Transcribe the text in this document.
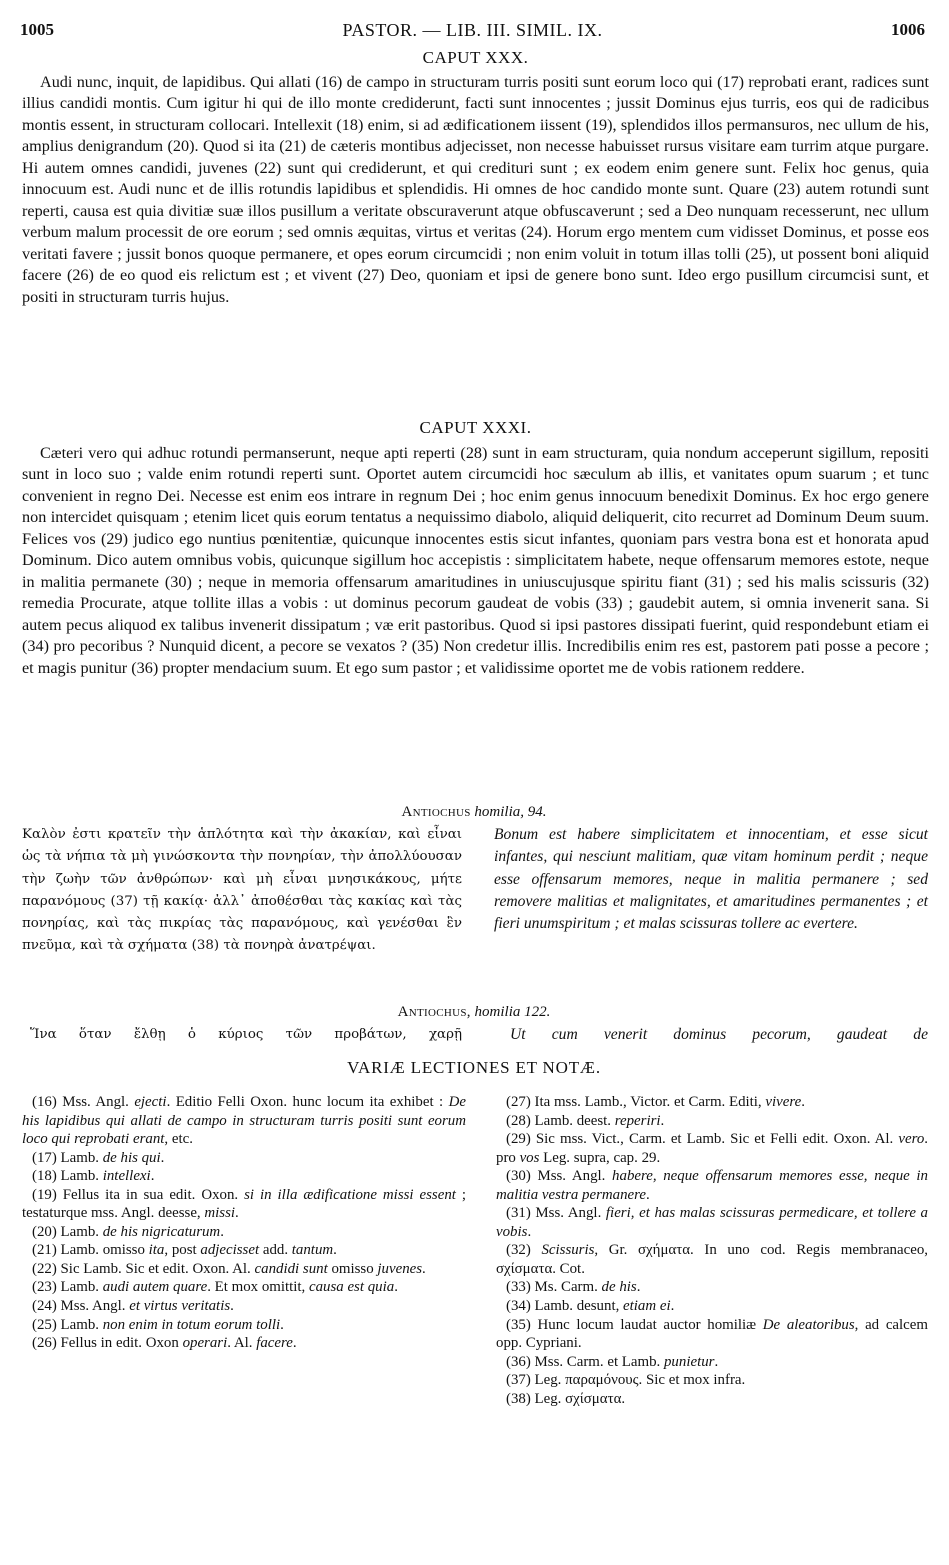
1005	PASTOR. — LIB. III. SIMIL. IX.	1006
CAPUT XXX.

Audi nunc, inquit, de lapidibus. Qui allati (16) de campo in structuram turris positi sunt eorum loco qui (17) reprobati erant, radices sunt illius candidi montis. Cum igitur hi qui de illo monte crediderunt, facti sunt innocentes ; jussit Dominus ejus turris, eos qui de radicibus montis essent, in structuram collocari. Intellexit (18) enim, si ad ædificationem iissent (19), splendidos illos permansuros, nec ullum de his, amplius denigrandum (20). Quod si ita (21) de cæteris montibus adjecisset, non necesse habuisset rursus visitare eam turrim atque purgare. Hi autem omnes candidi, juvenes (22) sunt qui crediderunt, et qui credituri sunt ; ex eodem enim genere sunt. Felix hoc genus, quia innocuum est. Audi nunc et de illis rotundis lapidibus et splendidis. Hi omnes de hoc candido monte sunt. Quare (23) autem rotundi sunt reperti, causa est quia divitiæ suæ illos pusillum a veritate obscuraverunt atque obfuscaverunt ; sed a Deo nunquam recesserunt, nec ullum verbum malum processit de ore eorum ; sed omnis æquitas, virtus et veritas (24). Horum ergo mentem cum vidisset Dominus, et posse eos veritati favere ; jussit bonos quoque permanere, et opes eorum circumcidi ; non enim voluit in totum illas tolli (25), ut possent boni aliquid facere (26) de eo quod eis relictum est ; et vivent (27) Deo, quoniam et ipsi de genere bono sunt. Ideo ergo pusillum circumcisi sunt, et positi in structuram turris hujus.

CAPUT XXXI.

Cæteri vero qui adhuc rotundi permanserunt, neque apti reperti (28) sunt in eam structuram, quia nondum acceperunt sigillum, repositi sunt in loco suo ; valde enim rotundi reperti sunt. Oportet autem circumcidi hoc sæculum ab illis, et vanitates opum suarum ; et tunc convenient in regno Dei. Necesse est enim eos intrare in regnum Dei ; hoc enim genus innocuum benedixit Dominus. Ex hoc ergo genere non intercidet quisquam ; etenim licet quis eorum tentatus a nequissimo diabolo, aliquid deliquerit, cito recurret ad Dominum Deum suum. Felices vos (29) judico ego nuntius pœnitentiæ, quicunque innocentes estis sicut infantes, quoniam pars vestra bona est et honorata apud Dominum. Dico autem omnibus vobis, quicunque sigillum hoc accepistis : simplicitatem habete, neque offensarum memores estote, neque in malitia permanete (30) ; neque in memoria offensarum amaritudines in uniuscujusque spiritu fiant (31) ; sed his malis scissuris (32) remedia Procurate, atque tollite illas a vobis : ut dominus pecorum gaudeat de vobis (33) ; gaudebit autem, si omnia invenerit sana. Si autem pecus aliquod ex talibus invenerit dissipatum ; væ erit pastoribus. Quod si ipsi pastores dissipati fuerint, quid respondebunt etiam ei (34) pro pecoribus ? Nunquid dicent, a pecore se vexatos ? (35) Non credetur illis. Incredibilis enim res est, pastorem pati posse a pecore ; et magis punitur (36) propter mendacium suum. Et ego sum pastor ; et validissime oportet me de vobis rationem reddere.

Antiochus homilia, 94.
Καλὸν ἐστι κρατεῖν τὴν ἁπλότητα καὶ τὴν ἀκακίαν, καὶ εἶναι ὡς τὰ νήπια τὰ μὴ γινώσκοντα τὴν πονηρίαν, τὴν ἀπολλύουσαν τὴν ζωὴν τῶν ἀνθρώπων· καὶ μὴ εἶναι μνησικάκους, μήτε παρανόμους (37) τῇ κακίᾳ· ἀλλ᾽ ἀποθέσθαι τὰς κακίας καὶ τὰς πονηρίας, καὶ τὰς πικρίας τὰς παρανόμους, καὶ γενέσθαι ἓν πνεῦμα, καὶ τὰ σχήματα (38) τὰ πονηρὰ ἀνατρέψαι.
Bonum est habere simplicitatem et innocentiam, et esse sicut infantes, qui nesciunt malitiam, quæ vitam hominum perdit ; neque esse offensarum memores, neque in malitia permanere ; sed removere malitias et malignitates, et amaritudines permanentes ; et fieri unumspiritum ; et malas scissuras tollere ac evertere.
Antiochus, homilia 122.
Ἵνα ὅταν ἔλθῃ ὁ κύριος τῶν προβάτων, χαρῇ	Ut cum venerit dominus pecorum, gaudeat de
VARIÆ LECTIONES ET NOTÆ.

(16) Mss. Angl. ejecti. Editio Felli Oxon. hunc locum ita exhibet : De his lapidibus qui allati de campo in structuram turris positi sunt eorum loco qui reprobati erant, etc.

(17) Lamb. de his qui.

(18) Lamb. intellexi.

(19) Fellus ita in sua edit. Oxon. si in illa ædificatione missi essent ; testaturque mss. Angl. deesse, missi.

(20) Lamb. de his nigricaturum.

(21) Lamb. omisso ita, post adjecisset add. tantum.

(22) Sic Lamb. Sic et edit. Oxon. Al. candidi sunt omisso juvenes.

(23) Lamb. audi autem quare. Et mox omittit, causa est quia.

(24) Mss. Angl. et virtus veritatis.

(25) Lamb. non enim in totum eorum tolli.

(26) Fellus in edit. Oxon operari. Al. facere.

(27) Ita mss. Lamb., Victor. et Carm. Editi, vivere.

(28) Lamb. deest. reperiri.

(29) Sic mss. Vict., Carm. et Lamb. Sic et Felli edit. Oxon. Al. vero. pro vos Leg. supra, cap. 29.

(30) Mss. Angl. habere, neque offensarum memores esse, neque in malitia vestra permanere.

(31) Mss. Angl. fieri, et has malas scissuras permedicare, et tollere a vobis.

(32) Scissuris, Gr. σχήματα. In uno cod. Regis membranaceo, σχίσματα. Cot.

(33) Ms. Carm. de his.

(34) Lamb. desunt, etiam ei.

(35) Hunc locum laudat auctor homiliæ De aleatoribus, ad calcem opp. Cypriani.

(36) Mss. Carm. et Lamb. punietur.

(37) Leg. παραμόνους. Sic et mox infra.

(38) Leg. σχίσματα.
